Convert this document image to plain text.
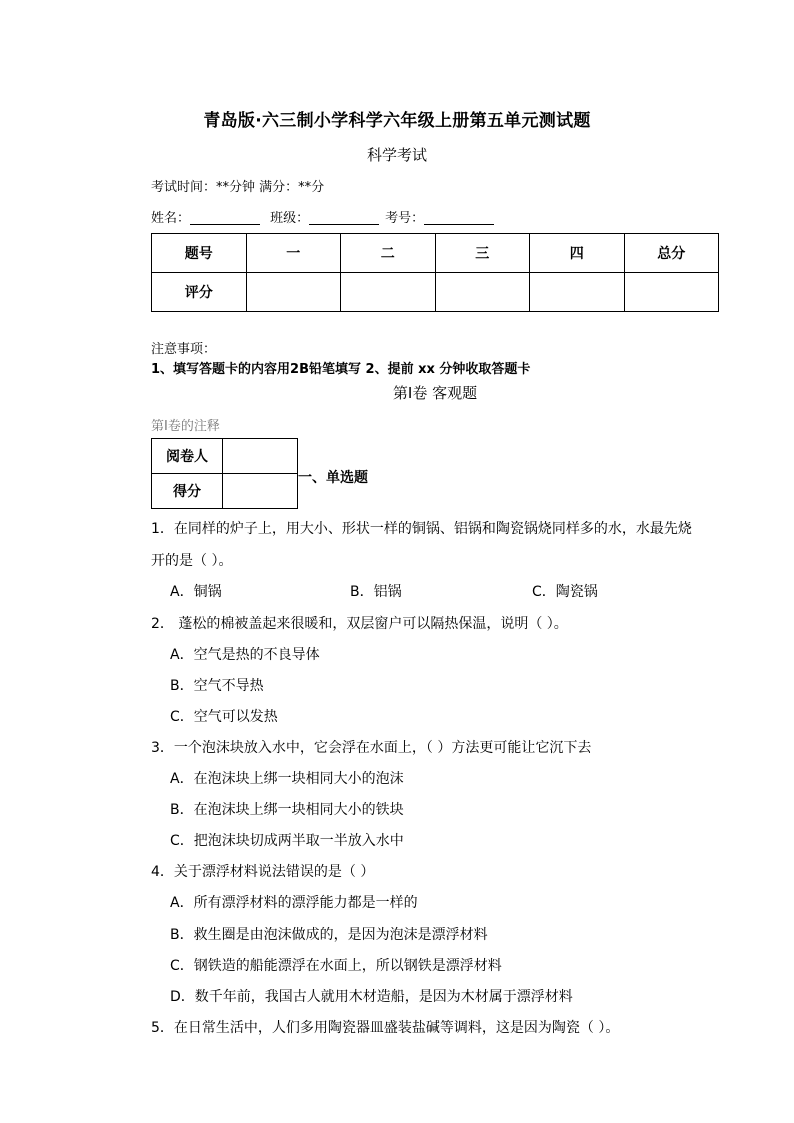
青岛版·六三制小学科学六年级上册第五单元测试题
科学考试
考试时间：**分钟 满分：**分
姓名：	班级：	考号：
题号	一	二	三	四	总分
评分					
注意事项：
1、填写答题卡的内容用2B铅笔填写 2、提前 xx 分钟收取答题卡
第Ⅰ卷 客观题
第Ⅰ卷的注释
阅卷人	
得分	
一、单选题
1．在同样的炉子上，用大小、形状一样的铜锅、铝锅和陶瓷锅烧同样多的水，水最先烧
开的是（ ）。
A．铜锅	B．铝锅	C．陶瓷锅
2． 蓬松的棉被盖起来很暖和，双层窗户可以隔热保温，说明（ ）。
A．空气是热的不良导体
B．空气不导热
C．空气可以发热
3．一个泡沫块放入水中，它会浮在水面上，（ ）方法更可能让它沉下去
A．在泡沫块上绑一块相同大小的泡沫
B．在泡沫块上绑一块相同大小的铁块
C．把泡沫块切成两半取一半放入水中
4．关于漂浮材料说法错误的是（ ）
A．所有漂浮材料的漂浮能力都是一样的
B．救生圈是由泡沫做成的，是因为泡沫是漂浮材料
C．钢铁造的船能漂浮在水面上，所以钢铁是漂浮材料
D．数千年前，我国古人就用木材造船，是因为木材属于漂浮材料
5．在日常生活中，人们多用陶瓷器皿盛装盐碱等调料，这是因为陶瓷（ ）。
